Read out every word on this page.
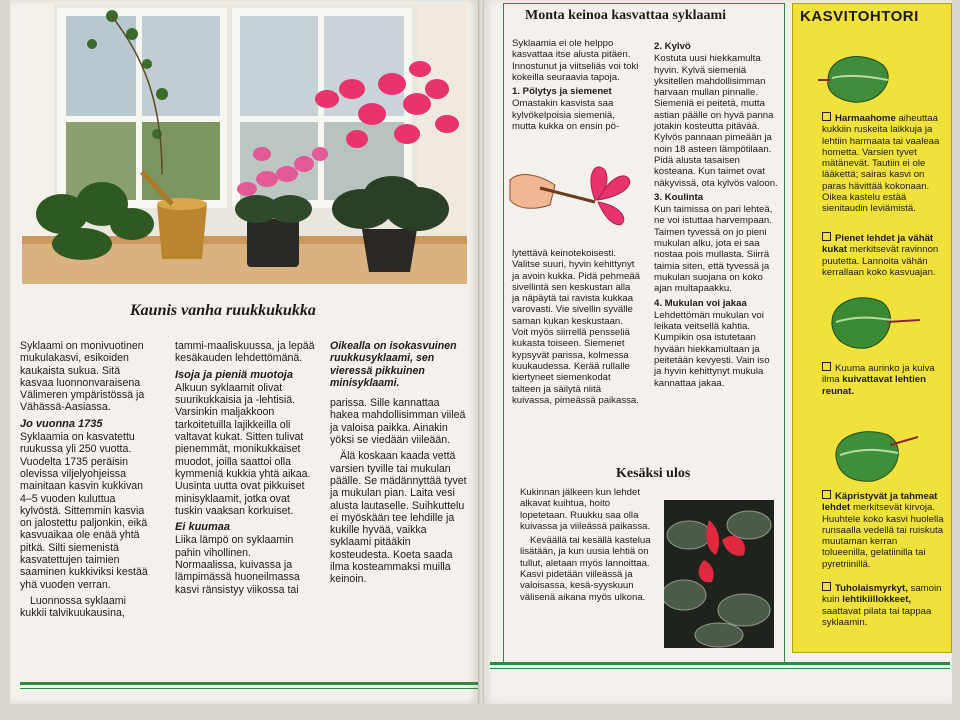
Kaunis vanha ruukkukukka

Syklaami on monivuotinen mukulakasvi, esikoiden kaukaista sukua. Sitä kasvaa luonnonvaraisena Välimeren ympäristössä ja Vähässä-Aasiassa.

Jo vuonna 1735

Syklaamia on kasvatettu ruukussa yli 250 vuotta. Vuodelta 1735 peräisin olevissa viljelyohjeissa mainitaan kasvin kukkivan 4–5 vuoden kuluttua kylvöstä. Sittemmin kasvia on jalostettu paljonkin, eikä kasvuaikaa ole enää yhtä pitkä. Silti siemenistä kasvatettujen taimien saaminen kukkiviksi kestää yhä vuoden verran.

Luonnossa syklaami kukkii talvikuukausina,

tammi-maaliskuussa, ja lepää kesäkauden lehdettömänä.

Isoja ja pieniä muotoja

Alkuun syklaamit olivat suurikukkaisia ja -lehtisiä. Varsinkin maljakkoon tarkoitetuilla lajikkeilla oli valtavat kukat. Sitten tulivat pienemmät, monikukkaiset muodot, joilla saattoi olla kymmeniä kukkia yhtä aikaa. Uusinta uutta ovat pikkuiset minisyklaamit, jotka ovat tuskin vaaksan korkuiset.

Ei kuumaa

Liika lämpö on syklaamin pahin vihollinen. Normaalissa, kuivassa ja lämpimässä huoneilmassa kasvi ränsistyy viikossa tai

Oikealla on isokasvuinen ruukkusyklaami, sen vieressä pikkuinen minisyklaami.

parissa. Sille kannattaa hakea mahdollisimman viileä ja valoisa paikka. Ainakin yöksi se viedään viileään.

Älä koskaan kaada vettä varsien tyville tai mukulan päälle. Se mädännyttää tyvet ja mukulan pian. Laita vesi alusta lautaselle. Suihkuttelu ei myöskään tee lehdille ja kukille hyvää, vaikka syklaami pitääkin kosteudesta. Koeta saada ilma kosteammaksi muilla keinoin.

Monta keinoa kasvattaa syklaami

Syklaamia ei ole helppo kasvattaa itse alusta pitäen. Innostunut ja viitseliäs voi toki kokeilla seuraavia tapoja.

1. Pölytys ja siemenet

Omastakin kasvista saa kylvökelpoisia siemeniä, mutta kukka on ensin pö-

lytettävä keinotekoisesti. Valitse suuri, hyvin kehittynyt ja avoin kukka. Pidä pehmeää sivellintä sen keskustan alla ja näpäytä tai ravista kukkaa varovasti. Vie sivellin syvälle saman kukan keskustaan. Voit myös siirrellä pensseliä kukasta toiseen. Siemenet kypsyvät parissa, kolmessa kuukaudessa. Kerää rullalle kiertyneet siemenkodat talteen ja säilytä niitä kuivassa, pimeässä paikassa.

2. Kylvö

Kostuta uusi hiekkamulta hyvin. Kylvä siemeniä yksitellen mahdollisimman harvaan mullan pinnalle. Siemeniä ei peitetä, mutta astian päälle on hyvä panna jotakin kosteutta pitävää. Kylvös pannaan pimeään ja noin 18 asteen lämpötilaan. Pidä alusta tasaisen kosteana. Kun taimet ovat näkyvissä, ota kylvös valoon.

3. Koulinta

Kun taimissa on pari lehteä, ne voi istuttaa harvempaan. Taimen tyvessä on jo pieni mukulan alku, jota ei saa nostaa pois mullasta. Siirrä taimia siten, että tyvessä ja mukulan suojana on koko ajan multapaakku.

4. Mukulan voi jakaa

Lehdettömän mukulan voi leikata veitsellä kahtia. Kumpikin osa istutetaan hyvään hiekkamultaan ja peitetään kevyesti. Vain iso ja hyvin kehittynyt mukula kannattaa jakaa.

Kesäksi ulos

Kukinnan jälkeen kun lehdet alkavat kuihtua, hoito lopetetaan. Ruukku saa olla kuivassa ja viileässä paikassa.

Keväällä tai kesällä kastelua lisätään, ja kun uusia lehtiä on tullut, aletaan myös lannoittaa. Kasvi pidetään viileässä ja valoisassa, kesä-syyskuun välisenä aikana myös ulkona.

KASVITOHTORI

Harmaahome aiheuttaa kukkiin ruskeita laikkuja ja lehtiin harmaata tai vaaleaa hometta. Varsien tyvet mätänevät. Tautiin ei ole lääkettä; sairas kasvi on paras hävittää kokonaan. Oikea kastelu estää sienitaudin leviämistä.

Pienet lehdet ja vähät kukat merkitsevät ravinnon puutetta. Lannoita vähän kerrallaan koko kasvuajan.

Kuuma aurinko ja kuiva ilma kuivattavat lehtien reunat.

Käpristyvät ja tahmeat lehdet merkitsevät kirvoja. Huuhtele koko kasvi huolella runsaalla vedellä tai ruiskuta muutaman kerran tolueenilla, gelatiinilla tai pyretriinillä.

Tuholaismyrkyt, samoin kuin lehtikiillokkeet, saattavat pilata tai tappaa syklaamin.
